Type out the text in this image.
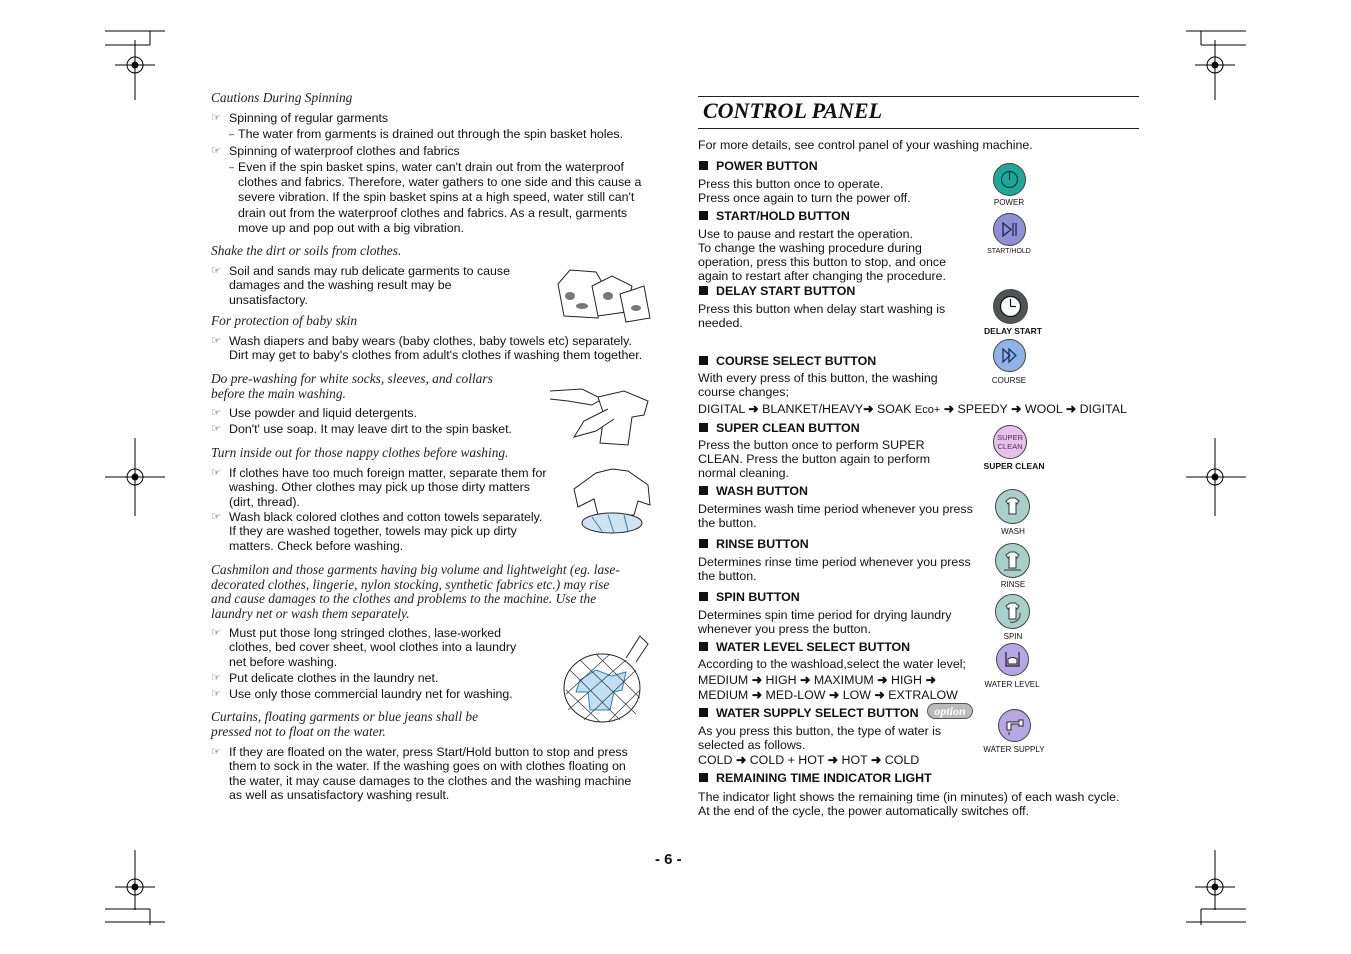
Cautions During Spinning
☞ Spinning of regular garments
– The water from garments is drained out through the spin basket holes.
☞ Spinning of waterproof clothes and fabrics
– Even if the spin basket spins, water can't drain out from the waterproof
clothes and fabrics. Therefore, water gathers to one side and this cause a
severe vibration. If the spin basket spins at a high speed, water still can't
drain out from the waterproof clothes and fabrics. As a result, garments
move up and pop out with a big vibration.
Shake the dirt or soils from clothes.
☞ Soil and sands may rub delicate garments to cause
damages and the washing result may be
unsatisfactory.
For protection of baby skin
☞ Wash diapers and baby wears (baby clothes, baby towels etc) separately.
Dirt may get to baby's clothes from adult's clothes if washing them together.
Do pre-washing for white socks, sleeves, and collars
before the main washing.
☞ Use powder and liquid detergents.
☞ Don't' use soap. It may leave dirt to the spin basket.
Turn inside out for those nappy clothes before washing.
☞ If clothes have too much foreign matter, separate them for
washing. Other clothes may pick up those dirty matters
(dirt, thread).
☞ Wash black colored clothes and cotton towels separately.
If they are washed together, towels may pick up dirty
matters. Check before washing.
Cashmilon and those garments having big volume and lightweight (eg. lase-
decorated clothes, lingerie, nylon stocking, synthetic fabrics etc.) may rise
and cause damages to the clothes and problems to the machine. Use the
laundry net or wash them separately.
☞ Must put those long stringed clothes, lase-worked
clothes, bed cover sheet, wool clothes into a laundry
net before washing.
☞ Put delicate clothes in the laundry net.
☞ Use only those commercial laundry net for washing.
Curtains, floating garments or blue jeans shall be
pressed not to float on the water.
☞ If they are floated on the water, press Start/Hold button to stop and press
them to sock in the water. If the washing goes on with clothes floating on
the water, it may cause damages to the clothes and the washing machine
as well as unsatisfactory washing result.
CONTROL PANEL
For more details, see control panel of your washing machine.
POWER BUTTON
Press this button once to operate.
Press once again to turn the power off.	POWER
START/HOLD BUTTON
Use to pause and restart the operation.
To change the washing procedure during
operation, press this button to stop, and once
again to restart after changing the procedure.
START/HOLD
DELAY START BUTTON
Press this button when delay start washing is
needed.
DELAY START
COURSE SELECT BUTTON
With every press of this button, the washing
course changes;
DIGITAL ➜ BLANKET/HEAVY➜ SOAK Eco+ ➜ SPEEDY ➜ WOOL ➜ DIGITAL
COURSE
SUPER CLEAN BUTTON
Press the button once to perform SUPER
CLEAN. Press the button again to perform
normal cleaning.
SUPER
CLEAN
SUPER CLEAN
WASH BUTTON
Determines wash time period whenever you press
the button.
WASH
RINSE BUTTON
Determines rinse time period whenever you press
the button.
RINSE
SPIN BUTTON
Determines spin time period for drying laundry
whenever you press the button.
SPIN
WATER LEVEL SELECT BUTTON
According to the washload,select the water level;
MEDIUM ➜ HIGH ➜ MAXIMUM ➜ HIGH ➜
MEDIUM ➜ MED-LOW ➜ LOW ➜ EXTRALOW
WATER LEVEL
WATER SUPPLY SELECT BUTTON	option
As you press this button, the type of water is
selected as follows.
COLD ➜ COLD + HOT ➜ HOT ➜ COLD
WATER SUPPLY
REMAINING TIME INDICATOR LIGHT
The indicator light shows the remaining time (in minutes) of each wash cycle.
At the end of the cycle, the power automatically switches off.
- 6 -
